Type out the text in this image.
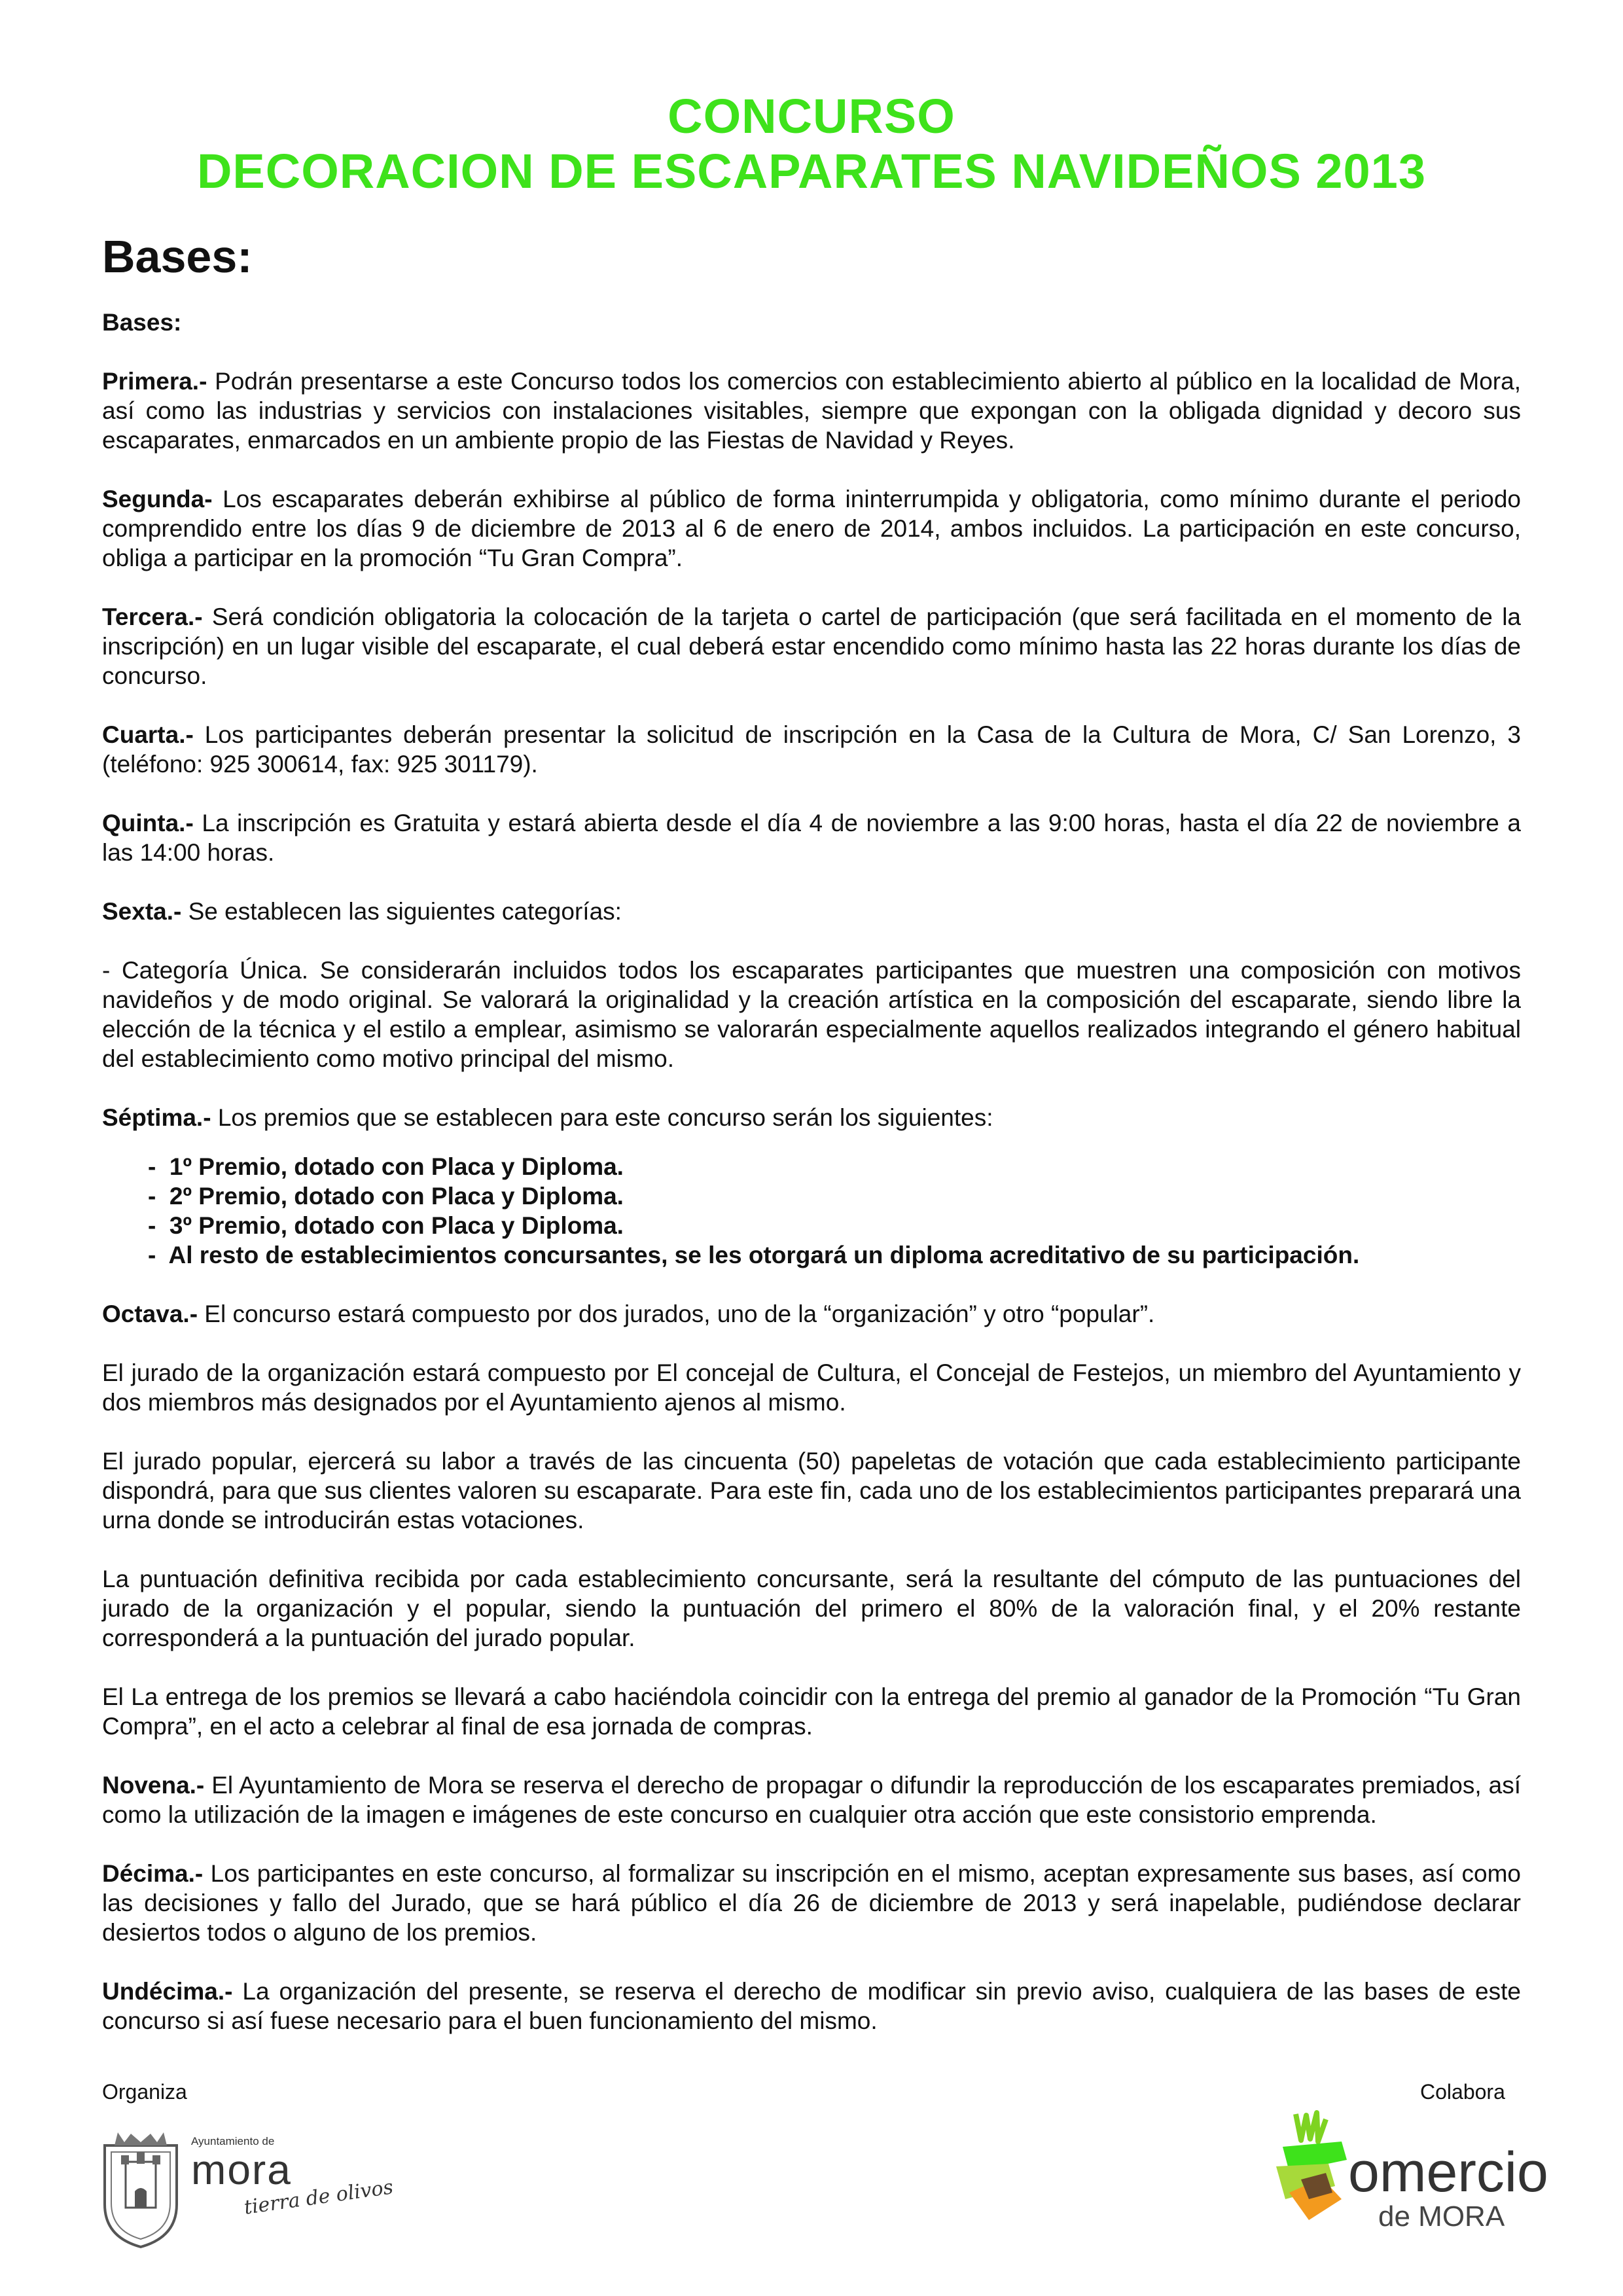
CONCURSO
DECORACION DE ESCAPARATES NAVIDEÑOS 2013
Bases:

Bases:

Primera.- Podrán presentarse a este Concurso todos los comercios con establecimiento abierto al público en la localidad de Mora, así como las industrias y servicios con instalaciones visitables, siempre que expongan con la obligada dignidad y decoro sus escaparates, enmarcados en un ambiente propio de las Fiestas de Navidad y Reyes.

Segunda- Los escaparates deberán exhibirse al público de forma ininterrumpida y obligatoria, como mínimo durante el periodo comprendido entre los días 9 de diciembre de 2013 al 6 de enero de 2014, ambos incluidos. La participación en este concurso, obliga a participar en la promoción “Tu Gran Compra”.

Tercera.- Será condición obligatoria la colocación de la tarjeta o cartel de participación (que será facilitada en el momento de la inscripción) en un lugar visible del escaparate, el cual deberá estar encendido como mínimo hasta las 22 horas durante los días de concurso.

Cuarta.- Los participantes deberán presentar la solicitud de inscripción en la Casa de la Cultura de Mora, C/ San Lorenzo, 3 (teléfono: 925 300614, fax: 925 301179).

Quinta.- La inscripción es Gratuita y estará abierta desde el día 4 de noviembre a las 9:00 horas, hasta el día 22 de noviembre a las 14:00 horas.

Sexta.- Se establecen las siguientes categorías:

- Categoría Única. Se considerarán incluidos todos los escaparates participantes que muestren una composición con motivos navideños y de modo original. Se valorará la originalidad y la creación artística en la composición del escaparate, siendo libre la elección de la técnica y el estilo a emplear, asimismo se valorarán especialmente aquellos realizados integrando el género habitual del establecimiento como motivo principal del mismo.

Séptima.- Los premios que se establecen para este concurso serán los siguientes:

- 1º Premio, dotado con Placa y Diploma.
- 2º Premio, dotado con Placa y Diploma.
- 3º Premio, dotado con Placa y Diploma.
- Al resto de establecimientos concursantes, se les otorgará un diploma acreditativo de su participación.

Octava.- El concurso estará compuesto por dos jurados, uno de la “organización” y otro “popular”.

El jurado de la organización estará compuesto por El concejal de Cultura, el Concejal de Festejos, un miembro del Ayuntamiento y dos miembros más designados por el Ayuntamiento ajenos al mismo.

El jurado popular, ejercerá su labor a través de las cincuenta (50) papeletas de votación que cada establecimiento participante dispondrá, para que sus clientes valoren su escaparate. Para este fin, cada uno de los establecimientos participantes preparará una urna donde se introducirán estas votaciones.

La puntuación definitiva recibida por cada establecimiento concursante, será la resultante del cómputo de las puntuaciones del jurado de la organización y el popular, siendo la puntuación del primero el 80% de la valoración final, y el 20% restante corresponderá a la puntuación del jurado popular.

El La entrega de los premios se llevará a cabo haciéndola coincidir con la entrega del premio al ganador de la Promoción “Tu Gran Compra”, en el acto a celebrar al final de esa jornada de compras.

Novena.- El Ayuntamiento de Mora se reserva el derecho de propagar o difundir la reproducción de los escaparates premiados, así como la utilización de la imagen e imágenes de este concurso en cualquier otra acción que este consistorio emprenda.

Décima.- Los participantes en este concurso, al formalizar su inscripción en el mismo, aceptan expresamente sus bases, así como las decisiones y fallo del Jurado, que se hará público el día 26 de diciembre de 2013 y será inapelable, pudiéndose declarar desiertos todos o alguno de los premios.

Undécima.- La organización del presente, se reserva el derecho de modificar sin previo aviso, cualquiera de las bases de este concurso si así fuese necesario para el buen funcionamiento del mismo.

Organiza	Colabora
Ayuntamiento de
mora
tierra de olivos	omercio
de MORA
